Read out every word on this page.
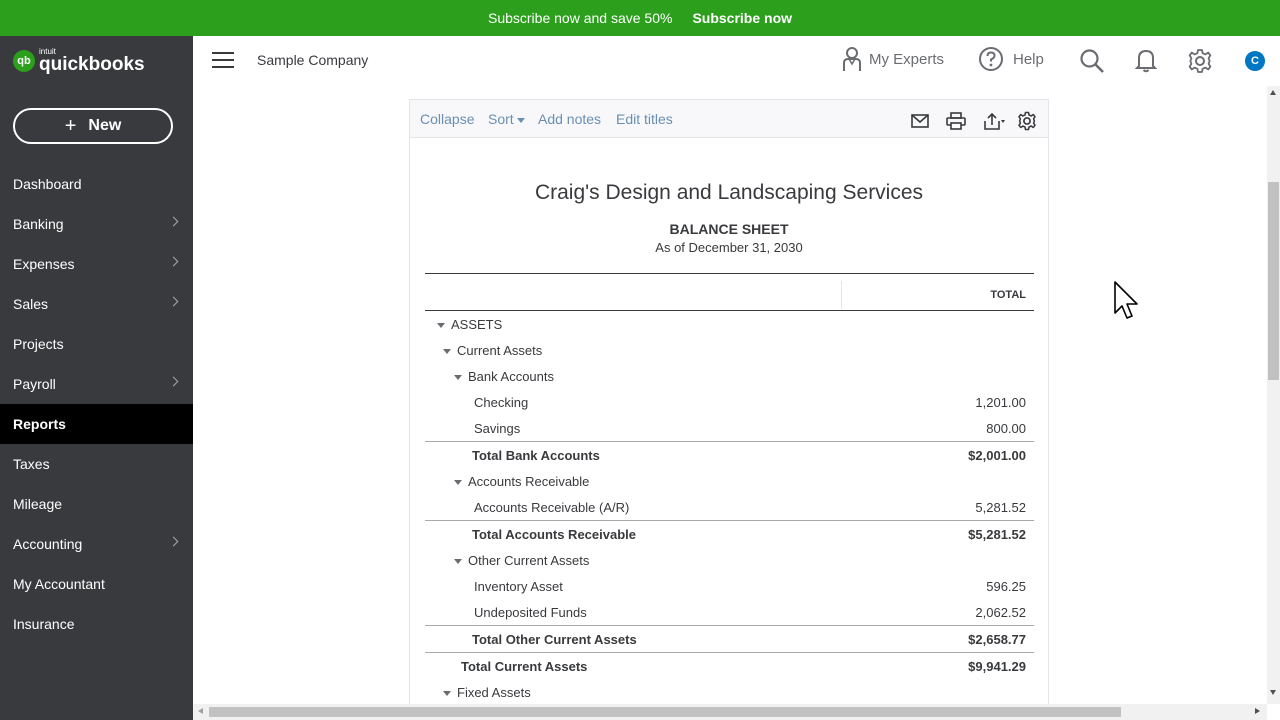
Subscribe now and save 50% Subscribe now
qb
intuit
quickbooks
+ New
Dashboard
Banking
Expenses
Sales
Projects
Payroll
Reports
Taxes
Mileage
Accounting
My Accountant
Insurance
Sample Company	My Experts	Help	C
Collapse Sort	Add notes Edit titles
Craig's Design and Landscaping Services
BALANCE SHEET
As of December 31, 2030
TOTAL
ASSETS
Current Assets
Bank Accounts
Checking	1,201.00
Savings	800.00
Total Bank Accounts	$2,001.00
Accounts Receivable
Accounts Receivable (A/R)	5,281.52
Total Accounts Receivable	$5,281.52
Other Current Assets
Inventory Asset	596.25
Undeposited Funds	2,062.52
Total Other Current Assets	$2,658.77
Total Current Assets	$9,941.29
Fixed Assets
